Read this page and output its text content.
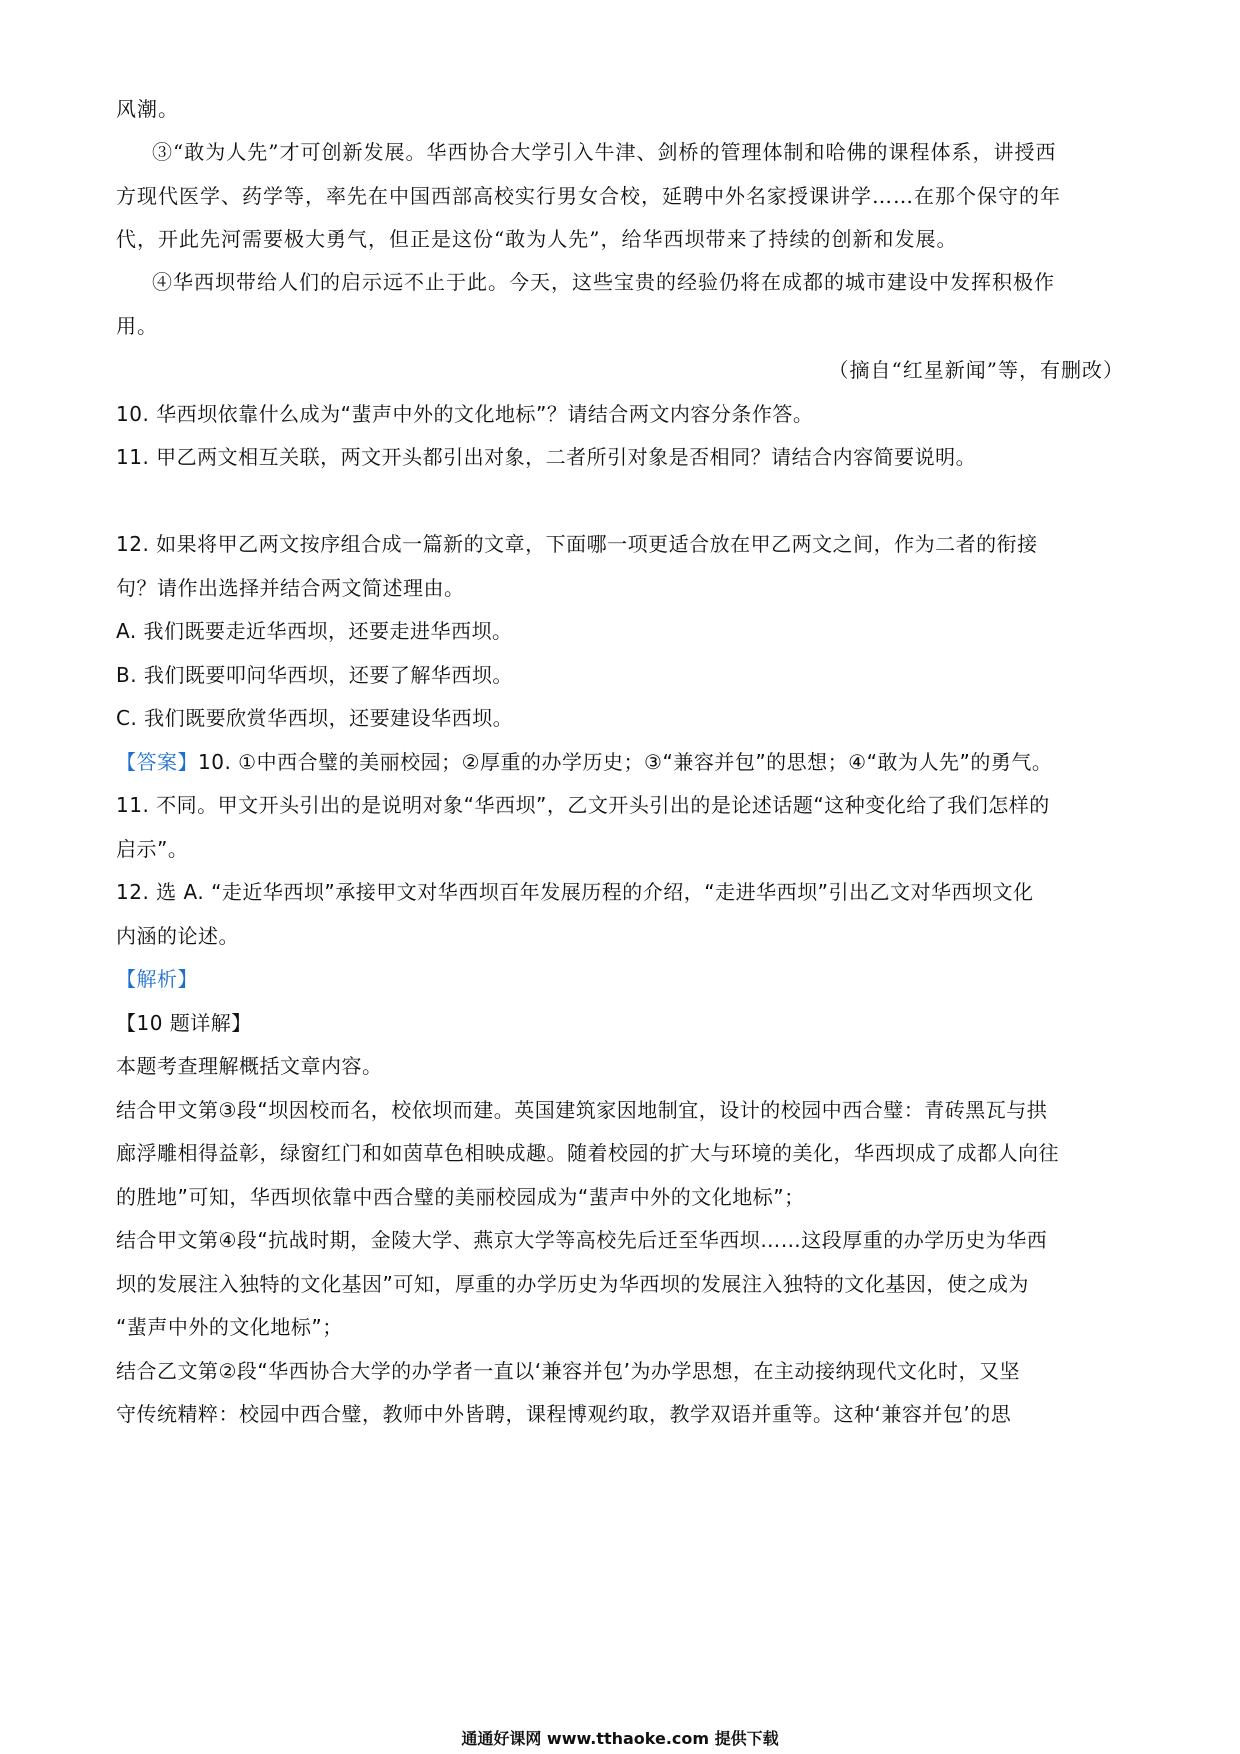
风潮。
③“敢为人先”才可创新发展。华西协合大学引入牛津、剑桥的管理体制和哈佛的课程体系，讲授西
方现代医学、药学等，率先在中国西部高校实行男女合校，延聘中外名家授课讲学……在那个保守的年
代，开此先河需要极大勇气，但正是这份“敢为人先”，给华西坝带来了持续的创新和发展。
④华西坝带给人们的启示远不止于此。今天，这些宝贵的经验仍将在成都的城市建设中发挥积极作
用。
（摘自“红星新闻”等，有删改）
10. 华西坝依靠什么成为“蜚声中外的文化地标”？请结合两文内容分条作答。
11. 甲乙两文相互关联，两文开头都引出对象，二者所引对象是否相同？请结合内容简要说明。
12. 如果将甲乙两文按序组合成一篇新的文章，下面哪一项更适合放在甲乙两文之间，作为二者的衔接
句？请作出选择并结合两文简述理由。
A. 我们既要走近华西坝，还要走进华西坝。
B. 我们既要叩问华西坝，还要了解华西坝。
C. 我们既要欣赏华西坝，还要建设华西坝。
【答案】10. ①中西合璧的美丽校园；②厚重的办学历史；③“兼容并包”的思想；④“敢为人先”的勇气。
11. 不同。甲文开头引出的是说明对象“华西坝”，乙文开头引出的是论述话题“这种变化给了我们怎样的
启示”。
12. 选 A. “走近华西坝”承接甲文对华西坝百年发展历程的介绍，“走进华西坝”引出乙文对华西坝文化
内涵的论述。
【解析】
【10 题详解】
本题考查理解概括文章内容。
结合甲文第③段“坝因校而名，校依坝而建。英国建筑家因地制宜，设计的校园中西合璧：青砖黑瓦与拱
廊浮雕相得益彰，绿窗红门和如茵草色相映成趣。随着校园的扩大与环境的美化，华西坝成了成都人向往
的胜地”可知，华西坝依靠中西合璧的美丽校园成为“蜚声中外的文化地标”；
结合甲文第④段“抗战时期，金陵大学、燕京大学等高校先后迁至华西坝……这段厚重的办学历史为华西
坝的发展注入独特的文化基因”可知，厚重的办学历史为华西坝的发展注入独特的文化基因，使之成为
“蜚声中外的文化地标”；
结合乙文第②段“华西协合大学的办学者一直以‘兼容并包’为办学思想，在主动接纳现代文化时，又坚
守传统精粹：校园中西合璧，教师中外皆聘，课程博观约取，教学双语并重等。这种‘兼容并包’的思
通通好课网 www.tthaoke.com 提供下载
